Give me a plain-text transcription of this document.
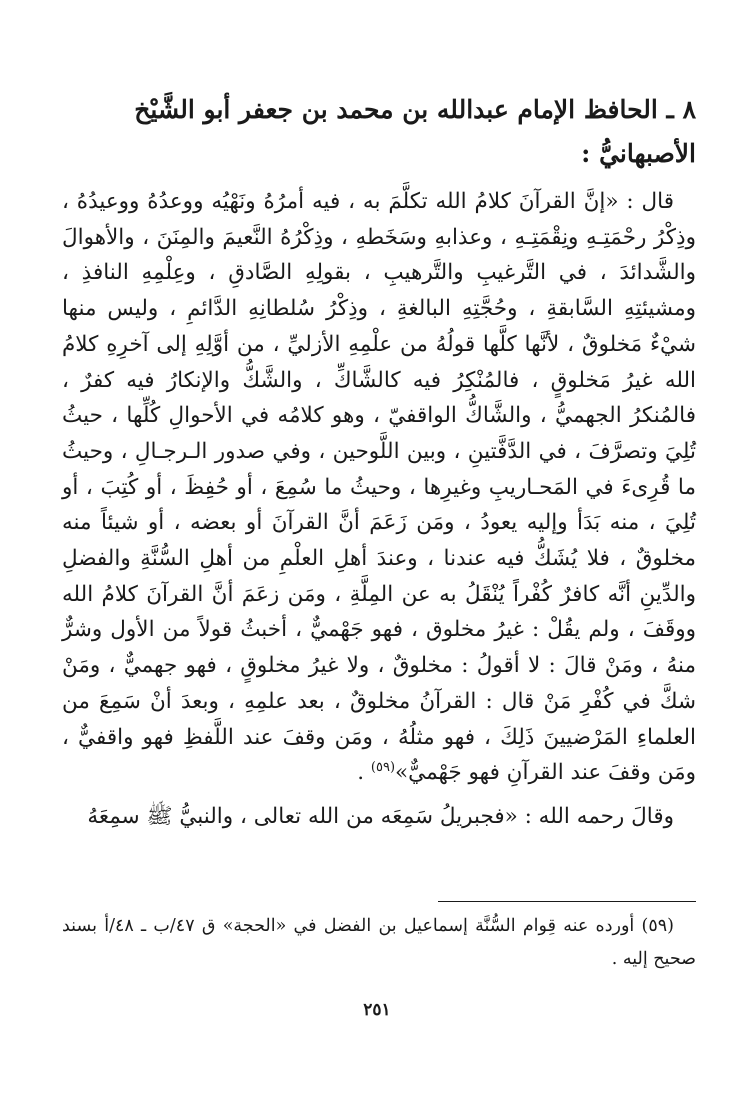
٨ ـ الحافظ الإمام عبدالله بن محمد بن جعفر أبو الشَّيْخ
الأصبهانيُّ :

قال : «إنَّ القرآنَ كلامُ الله تكلَّمَ به ، فيه أمرُهُ ونَهْيُه ووعدُهُ ووعيدُهُ ، وذِكْرُ رحْمَتِـهِ ونِقْمَتِـهِ ، وعذابهِ وسَخَطهِ ، وذِكْرُهُ النَّعيمَ والمِنَنَ ، والأهوالَ والشَّدائدَ ، في التَّرغيبِ والتَّرهيبِ ، بقولِهِ الصَّادقِ ، وعِلْمِهِ النافذِ ، ومشيئتِهِ السَّابقةِ ، وحُجَّتِهِ البالغةِ ، وذِكْرُ سُلطانِهِ الدَّائمِ ، وليس منها شيْءٌ مَخلوقٌ ، لأنَّها كلَّها قولُهُ من علْمِهِ الأزليِّ ، من أوَّلِهِ إلى آخرِهِ كلامُ الله غيرُ مَخلوقٍ ، فالمُنْكِرُ فيه كالشَّاكِّ ، والشَّكُّ والإنكارُ فيه كفرٌ ، فالمُنكرُ الجهميُّ ، والشَّاكُّ الواقفيّ ، وهو كلامُه في الأحوالِ كُلِّها ، حيثُ تُلِيَ وتصرَّفَ ، في الدَّفَّتينِ ، وبين اللَّوحين ، وفي صدور الـرجـالِ ، وحيثُ ما قُرِىءَ في المَحـاريبِ وغيرِها ، وحيثُ ما سُمِعَ ، أو حُفِظَ ، أو كُتِبَ ، أو تُلِيَ ، منه بَدَأ وإليه يعودُ ، ومَن زَعَمَ أنَّ القرآنَ أو بعضه ، أو شيئاً منه مخلوقٌ ، فلا يُشَكُّ فيه عندنا ، وعندَ أهلِ العلْمِ من أهلِ السُّنَّةِ والفضلِ والدِّينِ أنَّه كافرٌ كُفْراً يُنْقَلُ به عن المِلَّةِ ، ومَن زعَمَ أنَّ القرآنَ كلامُ الله ووقَفَ ، ولم يقُلْ : غيرُ مخلوق ، فهو جَهْميٌّ ، أخبثُ قولاً من الأول وشرٌّ منهُ ، ومَنْ قالَ : لا أقولُ : مخلوقٌ ، ولا غيرُ مخلوقٍ ، فهو جهميٌّ ، ومَنْ شكَّ في كُفْرِ مَنْ قال : القرآنُ مخلوقٌ ، بعد علمِهِ ، وبعدَ أنْ سَمِعَ من العلماءِ المَرْضيينَ ذَلِكَ ، فهو مثلُهُ ، ومَن وقفَ عند اللَّفظِ فهو واقفيٌّ ، ومَن وقفَ عند القرآنِ فهو جَهْميٌّ»$^{(٥٩)}$ .

وقالَ رحمه الله : «فجبريلُ سَمِعَه من الله تعالى ، والنبيُّ ﷺ سمِعَهُ

(٥٩) أورده عنه قِوام السُّنَّة إسماعيل بن الفضل في «الحجة» ق ٤٧/ب ـ ٤٨/أ بسند صحيح إليه .

٢٥١
